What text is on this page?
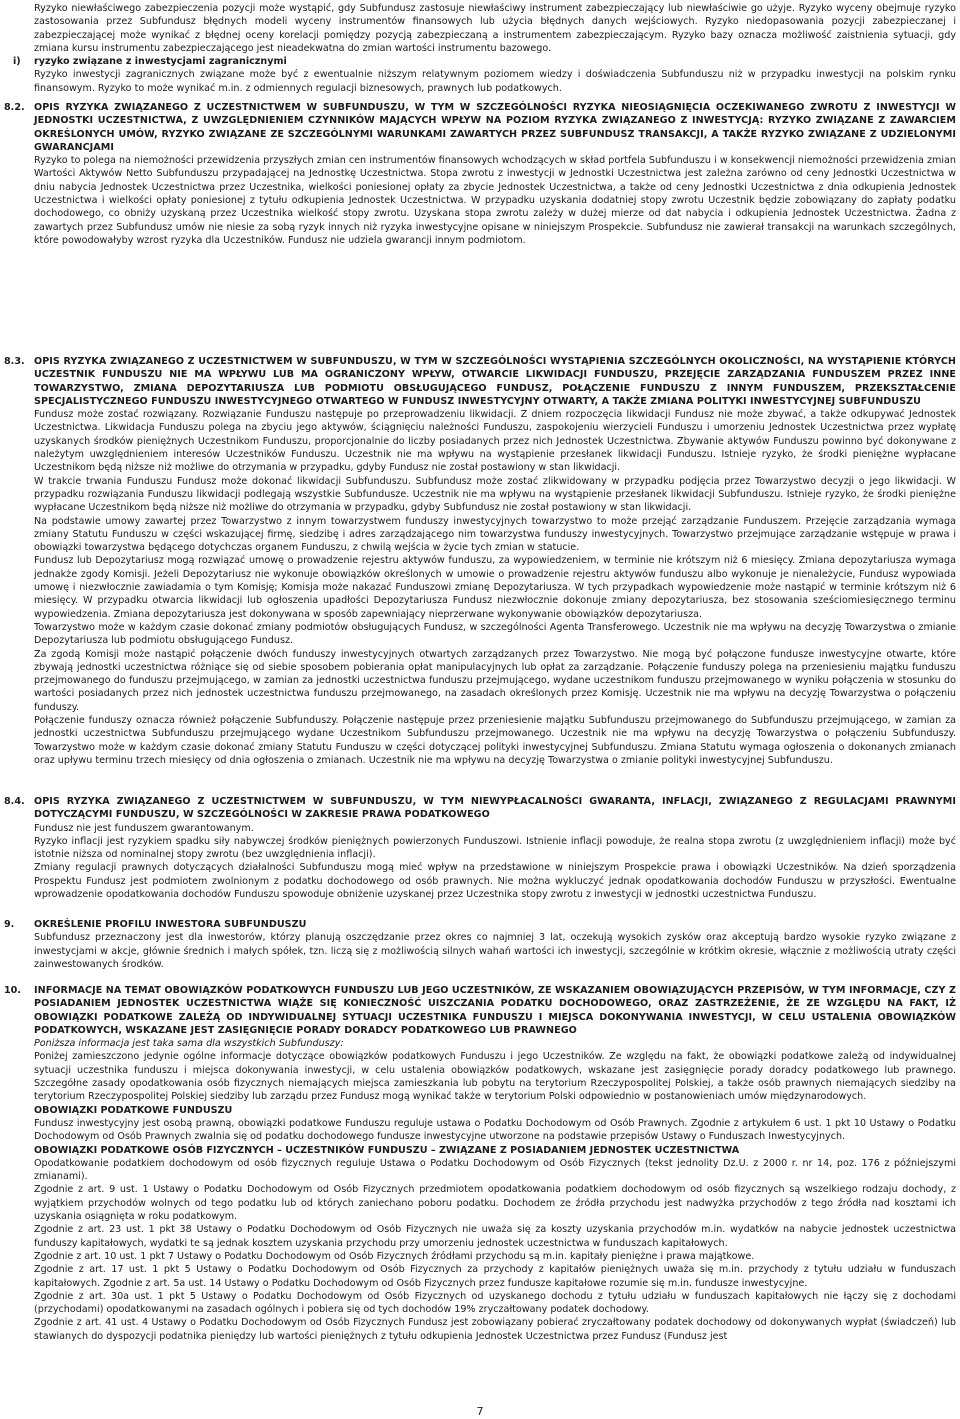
Ryzyko niewłaściwego zabezpieczenia pozycji może wystąpić, gdy Subfundusz zastosuje niewłaściwy instrument zabezpieczający lub niewłaściwie go użyje. Ryzyko wyceny obejmuje ryzyko zastosowania przez Subfundusz błędnych modeli wyceny instrumentów finansowych lub użycia błędnych danych wejściowych. Ryzyko niedopasowania pozycji zabezpieczanej i zabezpieczającej może wynikać z błędnej oceny korelacji pomiędzy pozycją zabezpieczaną a instrumentem zabezpieczającym. Ryzyko bazy oznacza możliwość zaistnienia sytuacji, gdy zmiana kursu instrumentu zabezpieczającego jest nieadekwatna do zmian wartości instrumentu bazowego.

i) ryzyko związane z inwestycjami zagranicznymi

Ryzyko inwestycji zagranicznych związane może być z ewentualnie niższym relatywnym poziomem wiedzy i doświadczenia Subfunduszu niż w przypadku inwestycji na polskim rynku finansowym. Ryzyko to może wynikać m.in. z odmiennych regulacji biznesowych, prawnych lub podatkowych.

8.2. OPIS RYZYKA ZWIĄZANEGO Z UCZESTNICTWEM W SUBFUNDUSZU, W TYM W SZCZEGÓLNOŚCI RYZYKA NIEOSIĄGNIĘCIA OCZEKIWANEGO ZWROTU Z INWESTYCJI W JEDNOSTKI UCZESTNICTWA, Z UWZGLĘDNIENIEM CZYNNIKÓW MAJĄCYCH WPŁYW NA POZIOM RYZYKA ZWIĄZANEGO Z INWESTYCJĄ: RYZYKO ZWIĄZANE Z ZAWARCIEM OKREŚLONYCH UMÓW, RYZYKO ZWIĄZANE ZE SZCZEGÓLNYMI WARUNKAMI ZAWARTYCH PRZEZ SUBFUNDUSZ TRANSAKCJI, A TAKŻE RYZYKO ZWIĄZANE Z UDZIELONYMI GWARANCJAMI

Ryzyko to polega na niemożności przewidzenia przyszłych zmian cen instrumentów finansowych wchodzących w skład portfela Subfunduszu i w konsekwencji niemożności przewidzenia zmian Wartości Aktywów Netto Subfunduszu przypadającej na Jednostkę Uczestnictwa. Stopa zwrotu z inwestycji w Jednostki Uczestnictwa jest zależna zarówno od ceny Jednostki Uczestnictwa w dniu nabycia Jednostek Uczestnictwa przez Uczestnika, wielkości poniesionej opłaty za zbycie Jednostek Uczestnictwa, a także od ceny Jednostki Uczestnictwa z dnia odkupienia Jednostek Uczestnictwa i wielkości opłaty poniesionej z tytułu odkupienia Jednostek Uczestnictwa. W przypadku uzyskania dodatniej stopy zwrotu Uczestnik będzie zobowiązany do zapłaty podatku dochodowego, co obniży uzyskaną przez Uczestnika wielkość stopy zwrotu. Uzyskana stopa zwrotu zależy w dużej mierze od dat nabycia i odkupienia Jednostek Uczestnictwa. Żadna z zawartych przez Subfundusz umów nie niesie za sobą ryzyk innych niż ryzyka inwestycyjne opisane w niniejszym Prospekcie. Subfundusz nie zawierał transakcji na warunkach szczególnych, które powodowałyby wzrost ryzyka dla Uczestników. Fundusz nie udziela gwarancji innym podmiotom.

8.3. OPIS RYZYKA ZWIĄZANEGO Z UCZESTNICTWEM W SUBFUNDUSZU, W TYM W SZCZEGÓLNOŚCI WYSTĄPIENIA SZCZEGÓLNYCH OKOLICZNOŚCI, NA WYSTĄPIENIE KTÓRYCH UCZESTNIK FUNDUSZU NIE MA WPŁYWU LUB MA OGRANICZONY WPŁYW, OTWARCIE LIKWIDACJI FUNDUSZU, PRZEJĘCIE ZARZĄDZANIA FUNDUSZEM PRZEZ INNE TOWARZYSTWO, ZMIANA DEPOZYTARIUSZA LUB PODMIOTU OBSŁUGUJĄCEGO FUNDUSZ, POŁĄCZENIE FUNDUSZU Z INNYM FUNDUSZEM, PRZEKSZTAŁCENIE SPECJALISTYCZNEGO FUNDUSZU INWESTYCYJNEGO OTWARTEGO W FUNDUSZ INWESTYCYJNY OTWARTY, A TAKŻE ZMIANA POLITYKI INWESTYCYJNEJ SUBFUNDUSZU

Fundusz może zostać rozwiązany. Rozwiązanie Funduszu następuje po przeprowadzeniu likwidacji. Z dniem rozpoczęcia likwidacji Fundusz nie może zbywać, a także odkupywać Jednostek Uczestnictwa. Likwidacja Funduszu polega na zbyciu jego aktywów, ściągnięciu należności Funduszu, zaspokojeniu wierzycieli Funduszu i umorzeniu Jednostek Uczestnictwa przez wypłatę uzyskanych środków pieniężnych Uczestnikom Funduszu, proporcjonalnie do liczby posiadanych przez nich Jednostek Uczestnictwa. Zbywanie aktywów Funduszu powinno być dokonywane z należytym uwzględnieniem interesów Uczestników Funduszu. Uczestnik nie ma wpływu na wystąpienie przesłanek likwidacji Funduszu. Istnieje ryzyko, że środki pieniężne wypłacane Uczestnikom będą niższe niż możliwe do otrzymania w przypadku, gdyby Fundusz nie został postawiony w stan likwidacji.

W trakcie trwania Funduszu Fundusz może dokonać likwidacji Subfunduszu. Subfundusz może zostać zlikwidowany w przypadku podjęcia przez Towarzystwo decyzji o jego likwidacji. W przypadku rozwiązania Funduszu likwidacji podlegają wszystkie Subfundusze. Uczestnik nie ma wpływu na wystąpienie przesłanek likwidacji Subfunduszu. Istnieje ryzyko, że środki pieniężne wypłacane Uczestnikom będą niższe niż możliwe do otrzymania w przypadku, gdyby Subfundusz nie został postawiony w stan likwidacji.

Na podstawie umowy zawartej przez Towarzystwo z innym towarzystwem funduszy inwestycyjnych towarzystwo to może przejąć zarządzanie Funduszem. Przejęcie zarządzania wymaga zmiany Statutu Funduszu w części wskazującej firmę, siedzibę i adres zarządzającego nim towarzystwa funduszy inwestycyjnych. Towarzystwo przejmujące zarządzanie wstępuje w prawa i obowiązki towarzystwa będącego dotychczas organem Funduszu, z chwilą wejścia w życie tych zmian w statucie.

Fundusz lub Depozytariusz mogą rozwiązać umowę o prowadzenie rejestru aktywów funduszu, za wypowiedzeniem, w terminie nie krótszym niż 6 miesięcy. Zmiana depozytariusza wymaga jednakże zgody Komisji. Jeżeli Depozytariusz nie wykonuje obowiązków określonych w umowie o prowadzenie rejestru aktywów funduszu albo wykonuje je nienależycie, Fundusz wypowiada umowę i niezwłocznie zawiadamia o tym Komisję; Komisja może nakazać Funduszowi zmianę Depozytariusza. W tych przypadkach wypowiedzenie może nastąpić w terminie krótszym niż 6 miesięcy. W przypadku otwarcia likwidacji lub ogłoszenia upadłości Depozytariusza Fundusz niezwłocznie dokonuje zmiany depozytariusza, bez stosowania sześciomiesięcznego terminu wypowiedzenia. Zmiana depozytariusza jest dokonywana w sposób zapewniający nieprzerwane wykonywanie obowiązków depozytariusza.

Towarzystwo może w każdym czasie dokonać zmiany podmiotów obsługujących Fundusz, w szczególności Agenta Transferowego. Uczestnik nie ma wpływu na decyzję Towarzystwa o zmianie Depozytariusza lub podmiotu obsługującego Fundusz.

Za zgodą Komisji może nastąpić połączenie dwóch funduszy inwestycyjnych otwartych zarządzanych przez Towarzystwo. Nie mogą być połączone fundusze inwestycyjne otwarte, które zbywają jednostki uczestnictwa różniące się od siebie sposobem pobierania opłat manipulacyjnych lub opłat za zarządzanie. Połączenie funduszy polega na przeniesieniu majątku funduszu przejmowanego do funduszu przejmującego, w zamian za jednostki uczestnictwa funduszu przejmującego, wydane uczestnikom funduszu przejmowanego w wyniku połączenia w stosunku do wartości posiadanych przez nich jednostek uczestnictwa funduszu przejmowanego, na zasadach określonych przez Komisję. Uczestnik nie ma wpływu na decyzję Towarzystwa o połączeniu funduszy.

Połączenie funduszy oznacza również połączenie Subfunduszy. Połączenie następuje przez przeniesienie majątku Subfunduszu przejmowanego do Subfunduszu przejmującego, w zamian za jednostki uczestnictwa Subfunduszu przejmującego wydane Uczestnikom Subfunduszu przejmowanego. Uczestnik nie ma wpływu na decyzję Towarzystwa o połączeniu Subfunduszy. Towarzystwo może w każdym czasie dokonać zmiany Statutu Funduszu w części dotyczącej polityki inwestycyjnej Subfunduszu. Zmiana Statutu wymaga ogłoszenia o dokonanych zmianach oraz upływu terminu trzech miesięcy od dnia ogłoszenia o zmianach. Uczestnik nie ma wpływu na decyzję Towarzystwa o zmianie polityki inwestycyjnej Subfunduszu.

8.4. OPIS RYZYKA ZWIĄZANEGO Z UCZESTNICTWEM W SUBFUNDUSZU, W TYM NIEWYPŁACALNOŚCI GWARANTA, INFLACJI, ZWIĄZANEGO Z REGULACJAMI PRAWNYMI DOTYCZĄCYMI FUNDUSZU, W SZCZEGÓLNOŚCI W ZAKRESIE PRAWA PODATKOWEGO

Fundusz nie jest funduszem gwarantowanym.

Ryzyko inflacji jest ryzykiem spadku siły nabywczej środków pieniężnych powierzonych Funduszowi. Istnienie inflacji powoduje, że realna stopa zwrotu (z uwzględnieniem inflacji) może być istotnie niższa od nominalnej stopy zwrotu (bez uwzględnienia inflacji).

Zmiany regulacji prawnych dotyczących działalności Subfunduszu mogą mieć wpływ na przedstawione w niniejszym Prospekcie prawa i obowiązki Uczestników. Na dzień sporządzenia Prospektu Fundusz jest podmiotem zwolnionym z podatku dochodowego od osób prawnych. Nie można wykluczyć jednak opodatkowania dochodów Funduszu w przyszłości. Ewentualne wprowadzenie opodatkowania dochodów Funduszu spowoduje obniżenie uzyskanej przez Uczestnika stopy zwrotu z inwestycji w jednostki uczestnictwa Funduszu.

9. OKREŚLENIE PROFILU INWESTORA SUBFUNDUSZU

Subfundusz przeznaczony jest dla inwestorów, którzy planują oszczędzanie przez okres co najmniej 3 lat, oczekują wysokich zysków oraz akceptują bardzo wysokie ryzyko związane z inwestycjami w akcje, głównie średnich i małych spółek, tzn. liczą się z możliwością silnych wahań wartości ich inwestycji, szczególnie w krótkim okresie, włącznie z możliwością utraty części zainwestowanych środków.

10. INFORMACJE NA TEMAT OBOWIĄZKÓW PODATKOWYCH FUNDUSZU LUB JEGO UCZESTNIKÓW, ZE WSKAZANIEM OBOWIĄZUJĄCYCH PRZEPISÓW, W TYM INFORMACJE, CZY Z POSIADANIEM JEDNOSTEK UCZESTNICTWA WIĄŻE SIĘ KONIECZNOŚĆ UISZCZANIA PODATKU DOCHODOWEGO, ORAZ ZASTRZEŻENIE, ŻE ZE WZGLĘDU NA FAKT, IŻ OBOWIĄZKI PODATKOWE ZALEŻĄ OD INDYWIDUALNEJ SYTUACJI UCZESTNIKA FUNDUSZU I MIEJSCA DOKONYWANIA INWESTYCJI, W CELU USTALENIA OBOWIĄZKÓW PODATKOWYCH, WSKAZANE JEST ZASIĘGNIĘCIE PORADY DORADCY PODATKOWEGO LUB PRAWNEGO

Poniższa informacja jest taka sama dla wszystkich Subfunduszy:

Poniżej zamieszczono jedynie ogólne informacje dotyczące obowiązków podatkowych Funduszu i jego Uczestników. Ze względu na fakt, że obowiązki podatkowe zależą od indywidualnej sytuacji uczestnika funduszu i miejsca dokonywania inwestycji, w celu ustalenia obowiązków podatkowych, wskazane jest zasięgnięcie porady doradcy podatkowego lub prawnego. Szczegółne zasady opodatkowania osób fizycznych niemających miejsca zamieszkania lub pobytu na terytorium Rzeczypospolitej Polskiej, a także osób prawnych niemających siedziby na terytorium Rzeczypospolitej Polskiej siedziby lub zarządu przez Fundusz mogą wynikać także w terytorium Polski odpowiednio w postanowieniach umów międzynarodowych.

OBOWIĄZKI PODATKOWE FUNDUSZU

Fundusz inwestycyjny jest osobą prawną, obowiązki podatkowe Funduszu reguluje ustawa o Podatku Dochodowym od Osób Prawnych. Zgodnie z artykułem 6 ust. 1 pkt 10 Ustawy o Podatku Dochodowym od Osób Prawnych zwalnia się od podatku dochodowego fundusze inwestycyjne utworzone na podstawie przepisów Ustawy o Funduszach Inwestycyjnych.

OBOWIĄZKI PODATKOWE OSÓB FIZYCZNYCH – UCZESTNIKÓW FUNDUSZU – ZWIĄZANE Z POSIADANIEM JEDNOSTEK UCZESTNICTWA

Opodatkowanie podatkiem dochodowym od osób fizycznych reguluje Ustawa o Podatku Dochodowym od Osób Fizycznych (tekst jednolity Dz.U. z 2000 r. nr 14, poz. 176 z późniejszymi zmianami).

Zgodnie z art. 9 ust. 1 Ustawy o Podatku Dochodowym od Osób Fizycznych przedmiotem opodatkowania podatkiem dochodowym od osób fizycznych są wszelkiego rodzaju dochody, z wyjątkiem przychodów wolnych od tego podatku lub od których zaniechano poboru podatku. Dochodem ze źródła przychodu jest nadwyżka przychodów z tego źródła nad kosztami ich uzyskania osiągnięta w roku podatkowym.

Zgodnie z art. 23 ust. 1 pkt 38 Ustawy o Podatku Dochodowym od Osób Fizycznych nie uważa się za koszty uzyskania przychodów m.in. wydatków na nabycie jednostek uczestnictwa funduszy kapitałowych, wydatki te są jednak kosztem uzyskania przychodu przy umorzeniu jednostek uczestnictwa w funduszach kapitałowych.

Zgodnie z art. 10 ust. 1 pkt 7 Ustawy o Podatku Dochodowym od Osób Fizycznych źródłami przychodu są m.in. kapitały pieniężne i prawa majątkowe.

Zgodnie z art. 17 ust. 1 pkt 5 Ustawy o Podatku Dochodowym od Osób Fizycznych za przychody z kapitałów pieniężnych uważa się m.in. przychody z tytułu udziału w funduszach kapitałowych. Zgodnie z art. 5a ust. 14 Ustawy o Podatku Dochodowym od Osób Fizycznych przez fundusze kapitałowe rozumie się m.in. fundusze inwestycyjne.

Zgodnie z art. 30a ust. 1 pkt 5 Ustawy o Podatku Dochodowym od Osób Fizycznych od uzyskanego dochodu z tytułu udziału w funduszach kapitałowych nie łączy się z dochodami (przychodami) opodatkowanymi na zasadach ogólnych i pobiera się od tych dochodów 19% zryczałtowany podatek dochodowy.

Zgodnie z art. 41 ust. 4 Ustawy o Podatku Dochodowym od Osób Fizycznych Fundusz jest zobowiązany pobierać zryczałtowany podatek dochodowy od dokonywanych wypłat (świadczeń) lub stawianych do dyspozycji podatnika pieniędzy lub wartości pieniężnych z tytułu odkupienia Jednostek Uczestnictwa przez Fundusz (Fundusz jest

7
